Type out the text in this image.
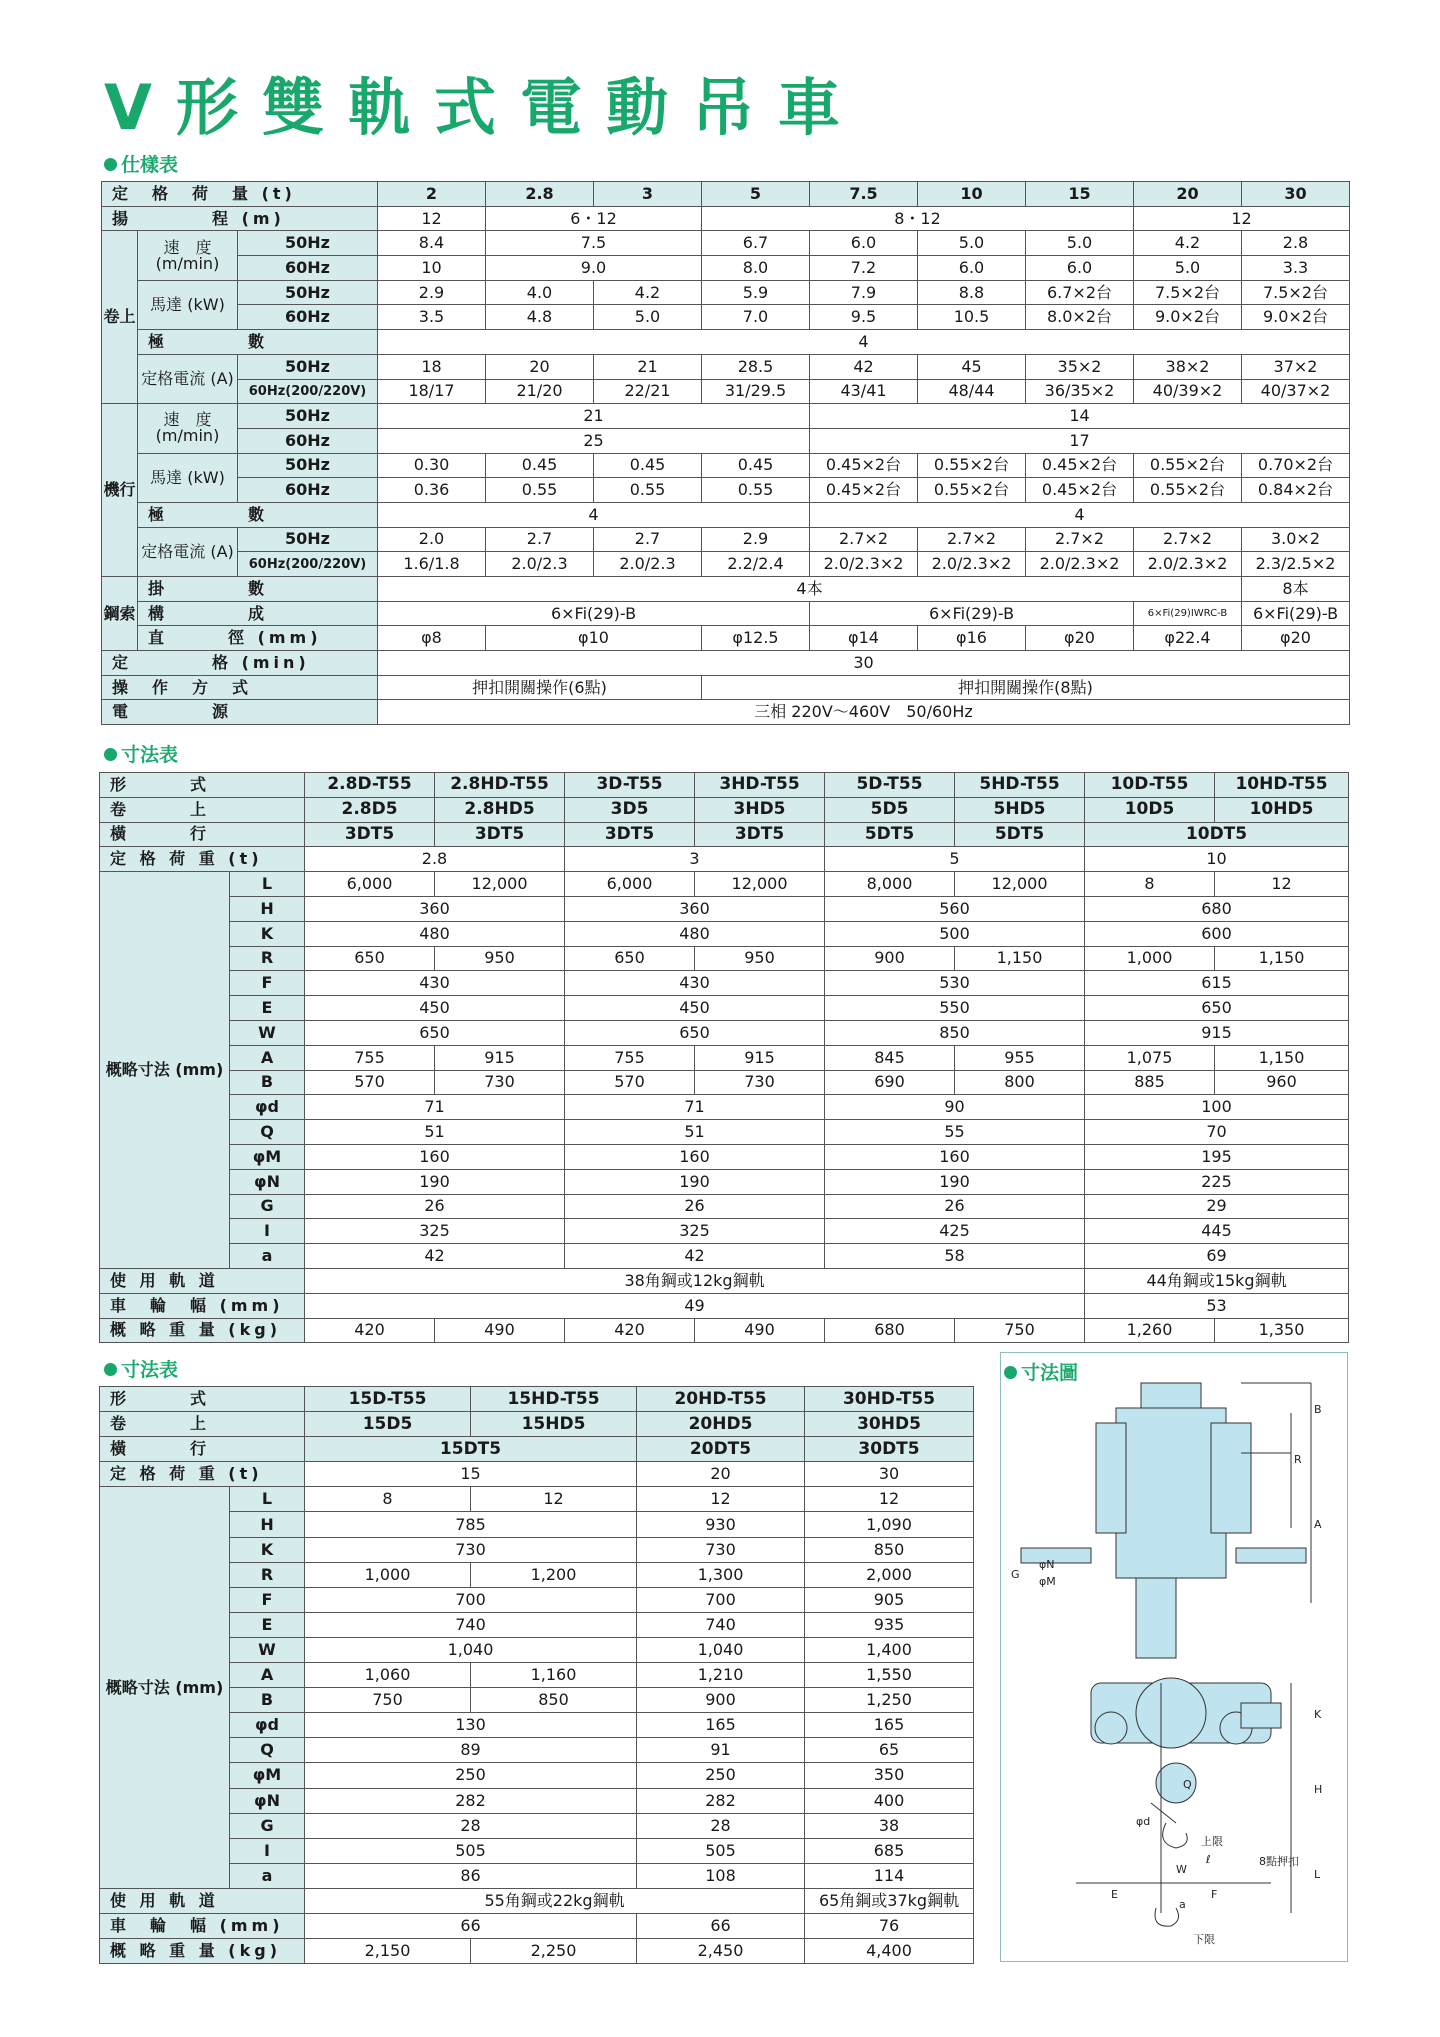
V形雙軌式電動吊車
仕樣表
寸法表
寸法表
定　格　荷　量 (t)			2	2.8	3	5	7.5	10	15	20	30
揚　　　　程 (m)			12	6・12		8・12				12	
卷上	速　度 (m/min)	50Hz	8.4	7.5		6.7	6.0	5.0	5.0	4.2	2.8
		60Hz	10	9.0		8.0	7.2	6.0	6.0	5.0	3.3
	馬達 (kW)	50Hz	2.9	4.0	4.2	5.9	7.9	8.8	6.7×2台	7.5×2台	7.5×2台
		60Hz	3.5	4.8	5.0	7.0	9.5	10.5	8.0×2台	9.0×2台	9.0×2台
	極　　　　數		4								
	定格電流 (A)	50Hz	18	20	21	28.5	42	45	35×2	38×2	37×2
		60Hz(200/220V)	18/17	21/20	22/21	31/29.5	43/41	48/44	36/35×2	40/39×2	40/37×2
機行	速　度 (m/min)	50Hz	21				14				
		60Hz	25				17				
	馬達 (kW)	50Hz	0.30	0.45	0.45	0.45	0.45×2台	0.55×2台	0.45×2台	0.55×2台	0.70×2台
		60Hz	0.36	0.55	0.55	0.55	0.45×2台	0.55×2台	0.45×2台	0.55×2台	0.84×2台
	極　　　　數		4				4				
	定格電流 (A)	50Hz	2.0	2.7	2.7	2.9	2.7×2	2.7×2	2.7×2	2.7×2	3.0×2
		60Hz(200/220V)	1.6/1.8	2.0/2.3	2.0/2.3	2.2/2.4	2.0/2.3×2	2.0/2.3×2	2.0/2.3×2	2.0/2.3×2	2.3/2.5×2
鋼索	掛　　　　數		4本								8本
	構　　　　成		6×Fi(29)-B				6×Fi(29)-B			6×Fi(29)IWRC-B	6×Fi(29)-B
	直　　　徑 (mm)		φ8	φ10		φ12.5	φ14	φ16	φ20	φ22.4	φ20
定　　　　格 (min)			30								
操　作　方　式			押扣開關操作(6點)			押扣開關操作(8點)					
電　　　　源			三相 220V～460V　50/60Hz								
形　　　式		2.8D-T55	2.8HD-T55	3D-T55	3HD-T55	5D-T55	5HD-T55	10D-T55	10HD-T55
卷　　　上		2.8D5	2.8HD5	3D5	3HD5	5D5	5HD5	10D5	10HD5
橫　　　行		3DT5	3DT5	3DT5	3DT5	5DT5	5DT5	10DT5	
定 格 荷 重 (t)		2.8		3		5		10	
概略寸法 (mm)	L	6,000	12,000	6,000	12,000	8,000	12,000	8	12
	H	360		360		560		680	
	K	480		480		500		600	
	R	650	950	650	950	900	1,150	1,000	1,150
	F	430		430		530		615	
	E	450		450		550		650	
	W	650		650		850		915	
	A	755	915	755	915	845	955	1,075	1,150
	B	570	730	570	730	690	800	885	960
	φd	71		71		90		100	
	Q	51		51		55		70	
	φM	160		160		160		195	
	φN	190		190		190		225	
	G	26		26		26		29	
	I	325		325		425		445	
	a	42		42		58		69	
使 用 軌 道		38角鋼或12kg鋼軌						44角鋼或15kg鋼軌	
車　輪　幅 (mm)		49						53	
概 略 重 量 (kg)		420	490	420	490	680	750	1,260	1,350
形　　　式		15D-T55	15HD-T55	20HD-T55	30HD-T55
卷　　　上		15D5	15HD5	20HD5	30HD5
橫　　　行		15DT5		20DT5	30DT5
定 格 荷 重 (t)		15		20	30
概略寸法 (mm)	L	8	12	12	12
	H	785		930	1,090
	K	730		730	850
	R	1,000	1,200	1,300	2,000
	F	700		700	905
	E	740		740	935
	W	1,040		1,040	1,400
	A	1,060	1,160	1,210	1,550
	B	750	850	900	1,250
	φd	130		165	165
	Q	89		91	65
	φM	250		250	350
	φN	282		282	400
	G	28		28	38
	I	505		505	685
	a	86		108	114
使 用 軌 道		55角鋼或22kg鋼軌			65角鋼或37kg鋼軌
車　輪　幅 (mm)		66		66	76
概 略 重 量 (kg)		2,150	2,250	2,450	4,400
B
R
A
K
H
L
E	F
W
G
φN
φM
φd
Q
a
ℓ
上限
下限
8點押扣
寸法圖
